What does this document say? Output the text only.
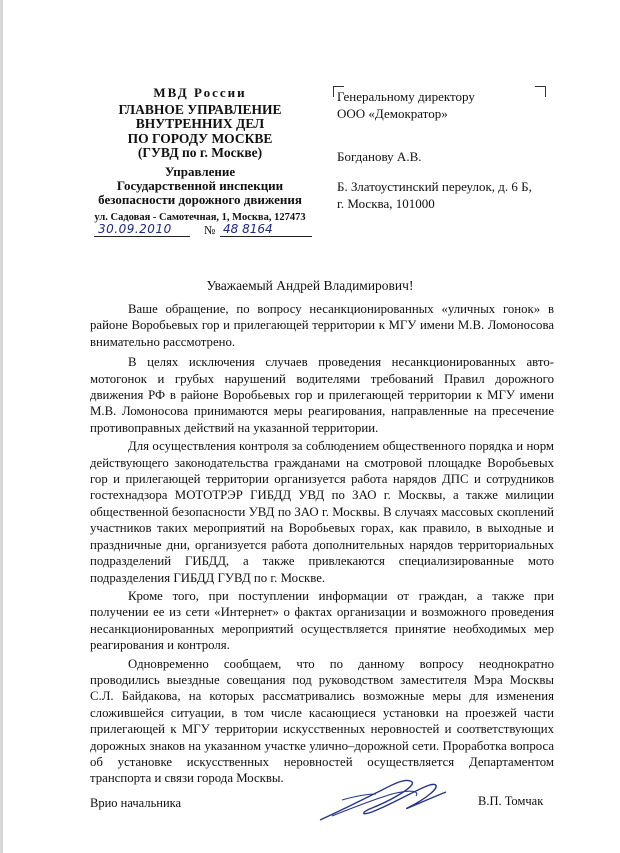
МВД России
ГЛАВНОЕ УПРАВЛЕНИЕ
ВНУТРЕННИХ ДЕЛ
ПО ГОРОДУ МОСКВЕ
(ГУВД по г. Москве)
Управление
Государственной инспекции
безопасности дорожного движения
ул. Садовая - Самотечная, 1, Москва, 127473
30.09.2010	№ 48 8164
Генеральному директору
ООО «Демократор»
Богданову А.В.
Б. Златоустинский переулок, д. 6 Б,
г. Москва, 101000
Уважаемый Андрей Владимирович!

Ваше обращение, по вопросу несанкционированных «уличных гонок» в районе Воробьевых гор и прилегающей территории к МГУ имени М.В. Ломоносова внимательно рассмотрено.

В целях исключения случаев проведения несанкционированных авто-мотогонок и грубых нарушений водителями требований Правил дорожного движения РФ в районе Воробьевых гор и прилегающей территории к МГУ имени М.В. Ломоносова принимаются меры реагирования, направленные на пресечение противоправных действий на указанной территории.

Для осуществления контроля за соблюдением общественного порядка и норм действующего законодательства гражданами на смотровой площадке Воробьевых гор и прилегающей территории организуется работа нарядов ДПС и сотрудников гостехнадзора МОТОТРЭР ГИБДД УВД по ЗАО г. Москвы, а также милиции общественной безопасности УВД по ЗАО г. Москвы. В случаях массовых скоплений участников таких мероприятий на Воробьевых горах, как правило, в выходные и праздничные дни, организуется работа дополнительных нарядов территориальных подразделений ГИБДД, а также привлекаются специализированные мото подразделения ГИБДД ГУВД по г. Москве.

Кроме того, при поступлении информации от граждан, а также при получении ее из сети «Интернет» о фактах организации и возможного проведения несанкционированных мероприятий осуществляется принятие необходимых мер реагирования и контроля.

Одновременно сообщаем, что по данному вопросу неоднократно проводились выездные совещания под руководством заместителя Мэра Москвы С.Л. Байдакова, на которых рассматривались возможные меры для изменения сложившейся ситуации, в том числе касающиеся установки на проезжей части прилегающей к МГУ территории искусственных неровностей и соответствующих дорожных знаков на указанном участке улично–дорожной сети. Проработка вопроса об установке искусственных неровностей осуществляется Департаментом транспорта и связи города Москвы.

Врио начальника	В.П. Томчак
